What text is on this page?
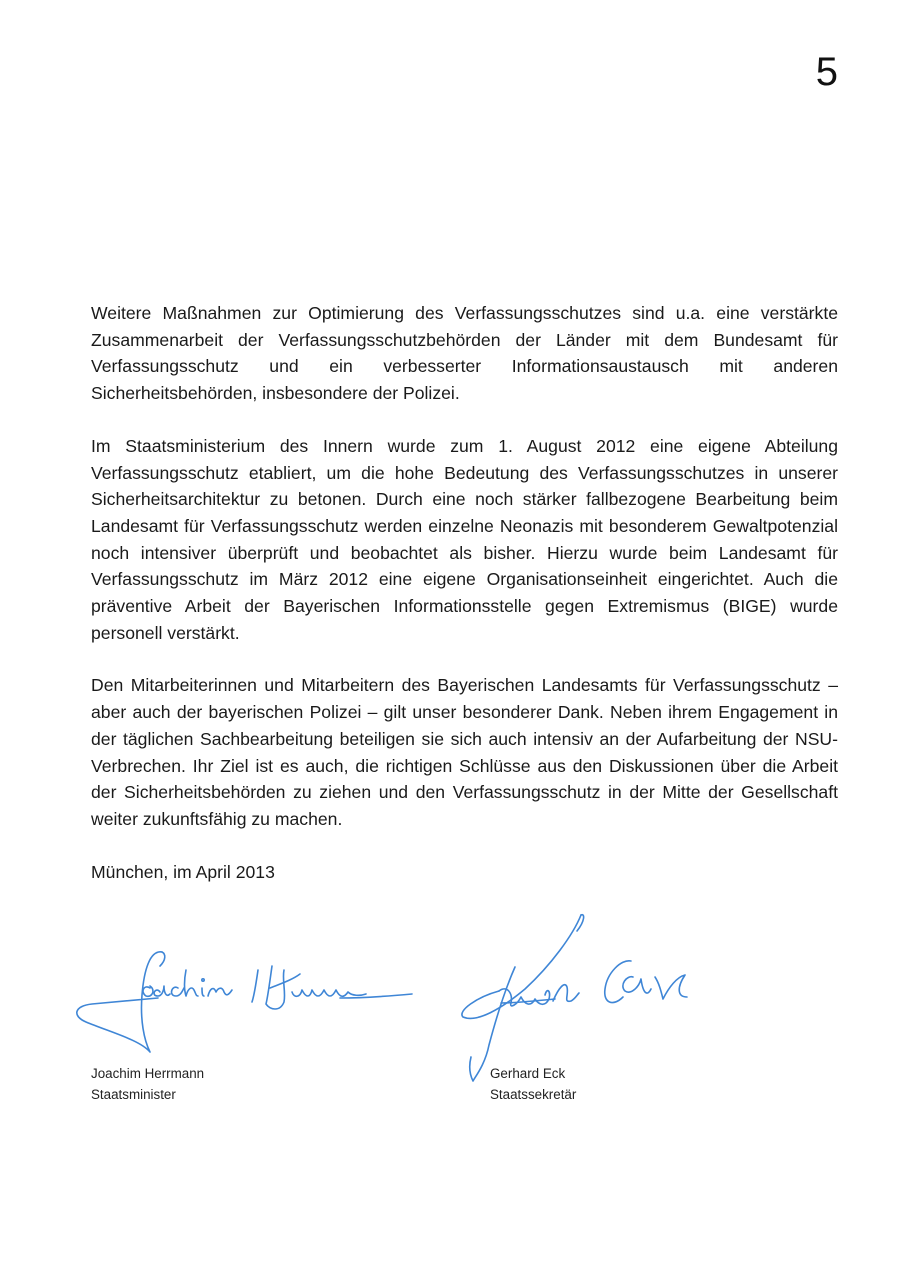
5

Weitere Maßnahmen zur Optimierung des Verfassungsschutzes sind u.a. eine verstärkte Zusammenarbeit der Verfassungsschutzbehörden der Länder mit dem Bundesamt für Verfassungsschutz und ein verbesserter Informationsaustausch mit anderen Sicherheitsbehörden, insbesondere der Polizei.

Im Staatsministerium des Innern wurde zum 1. August 2012 eine eigene Abteilung Verfassungsschutz etabliert, um die hohe Bedeutung des Verfassungsschutzes in unserer Sicherheitsarchitektur zu betonen. Durch eine noch stärker fallbezogene Bearbeitung beim Landesamt für Verfassungsschutz werden einzelne Neonazis mit besonderem Gewaltpotenzial noch intensiver überprüft und beobachtet als bisher. Hierzu wurde beim Landesamt für Verfassungsschutz im März 2012 eine eigene Organisationseinheit eingerichtet. Auch die präventive Arbeit der Bayerischen Informationsstelle gegen Extremismus (BIGE) wurde personell verstärkt.

Den Mitarbeiterinnen und Mitarbeitern des Bayerischen Landesamts für Verfassungsschutz – aber auch der bayerischen Polizei – gilt unser besonderer Dank. Neben ihrem Engagement in der täglichen Sachbearbeitung beteiligen sie sich auch intensiv an der Aufarbeitung der NSU-Verbrechen. Ihr Ziel ist es auch, die richtigen Schlüsse aus den Diskussionen über die Arbeit der Sicherheitsbehörden zu ziehen und den Verfassungsschutz in der Mitte der Gesellschaft weiter zukunftsfähig zu machen.

München, im April 2013

Joachim Herrmann
Staatsminister
Gerhard Eck
Staatssekretär
